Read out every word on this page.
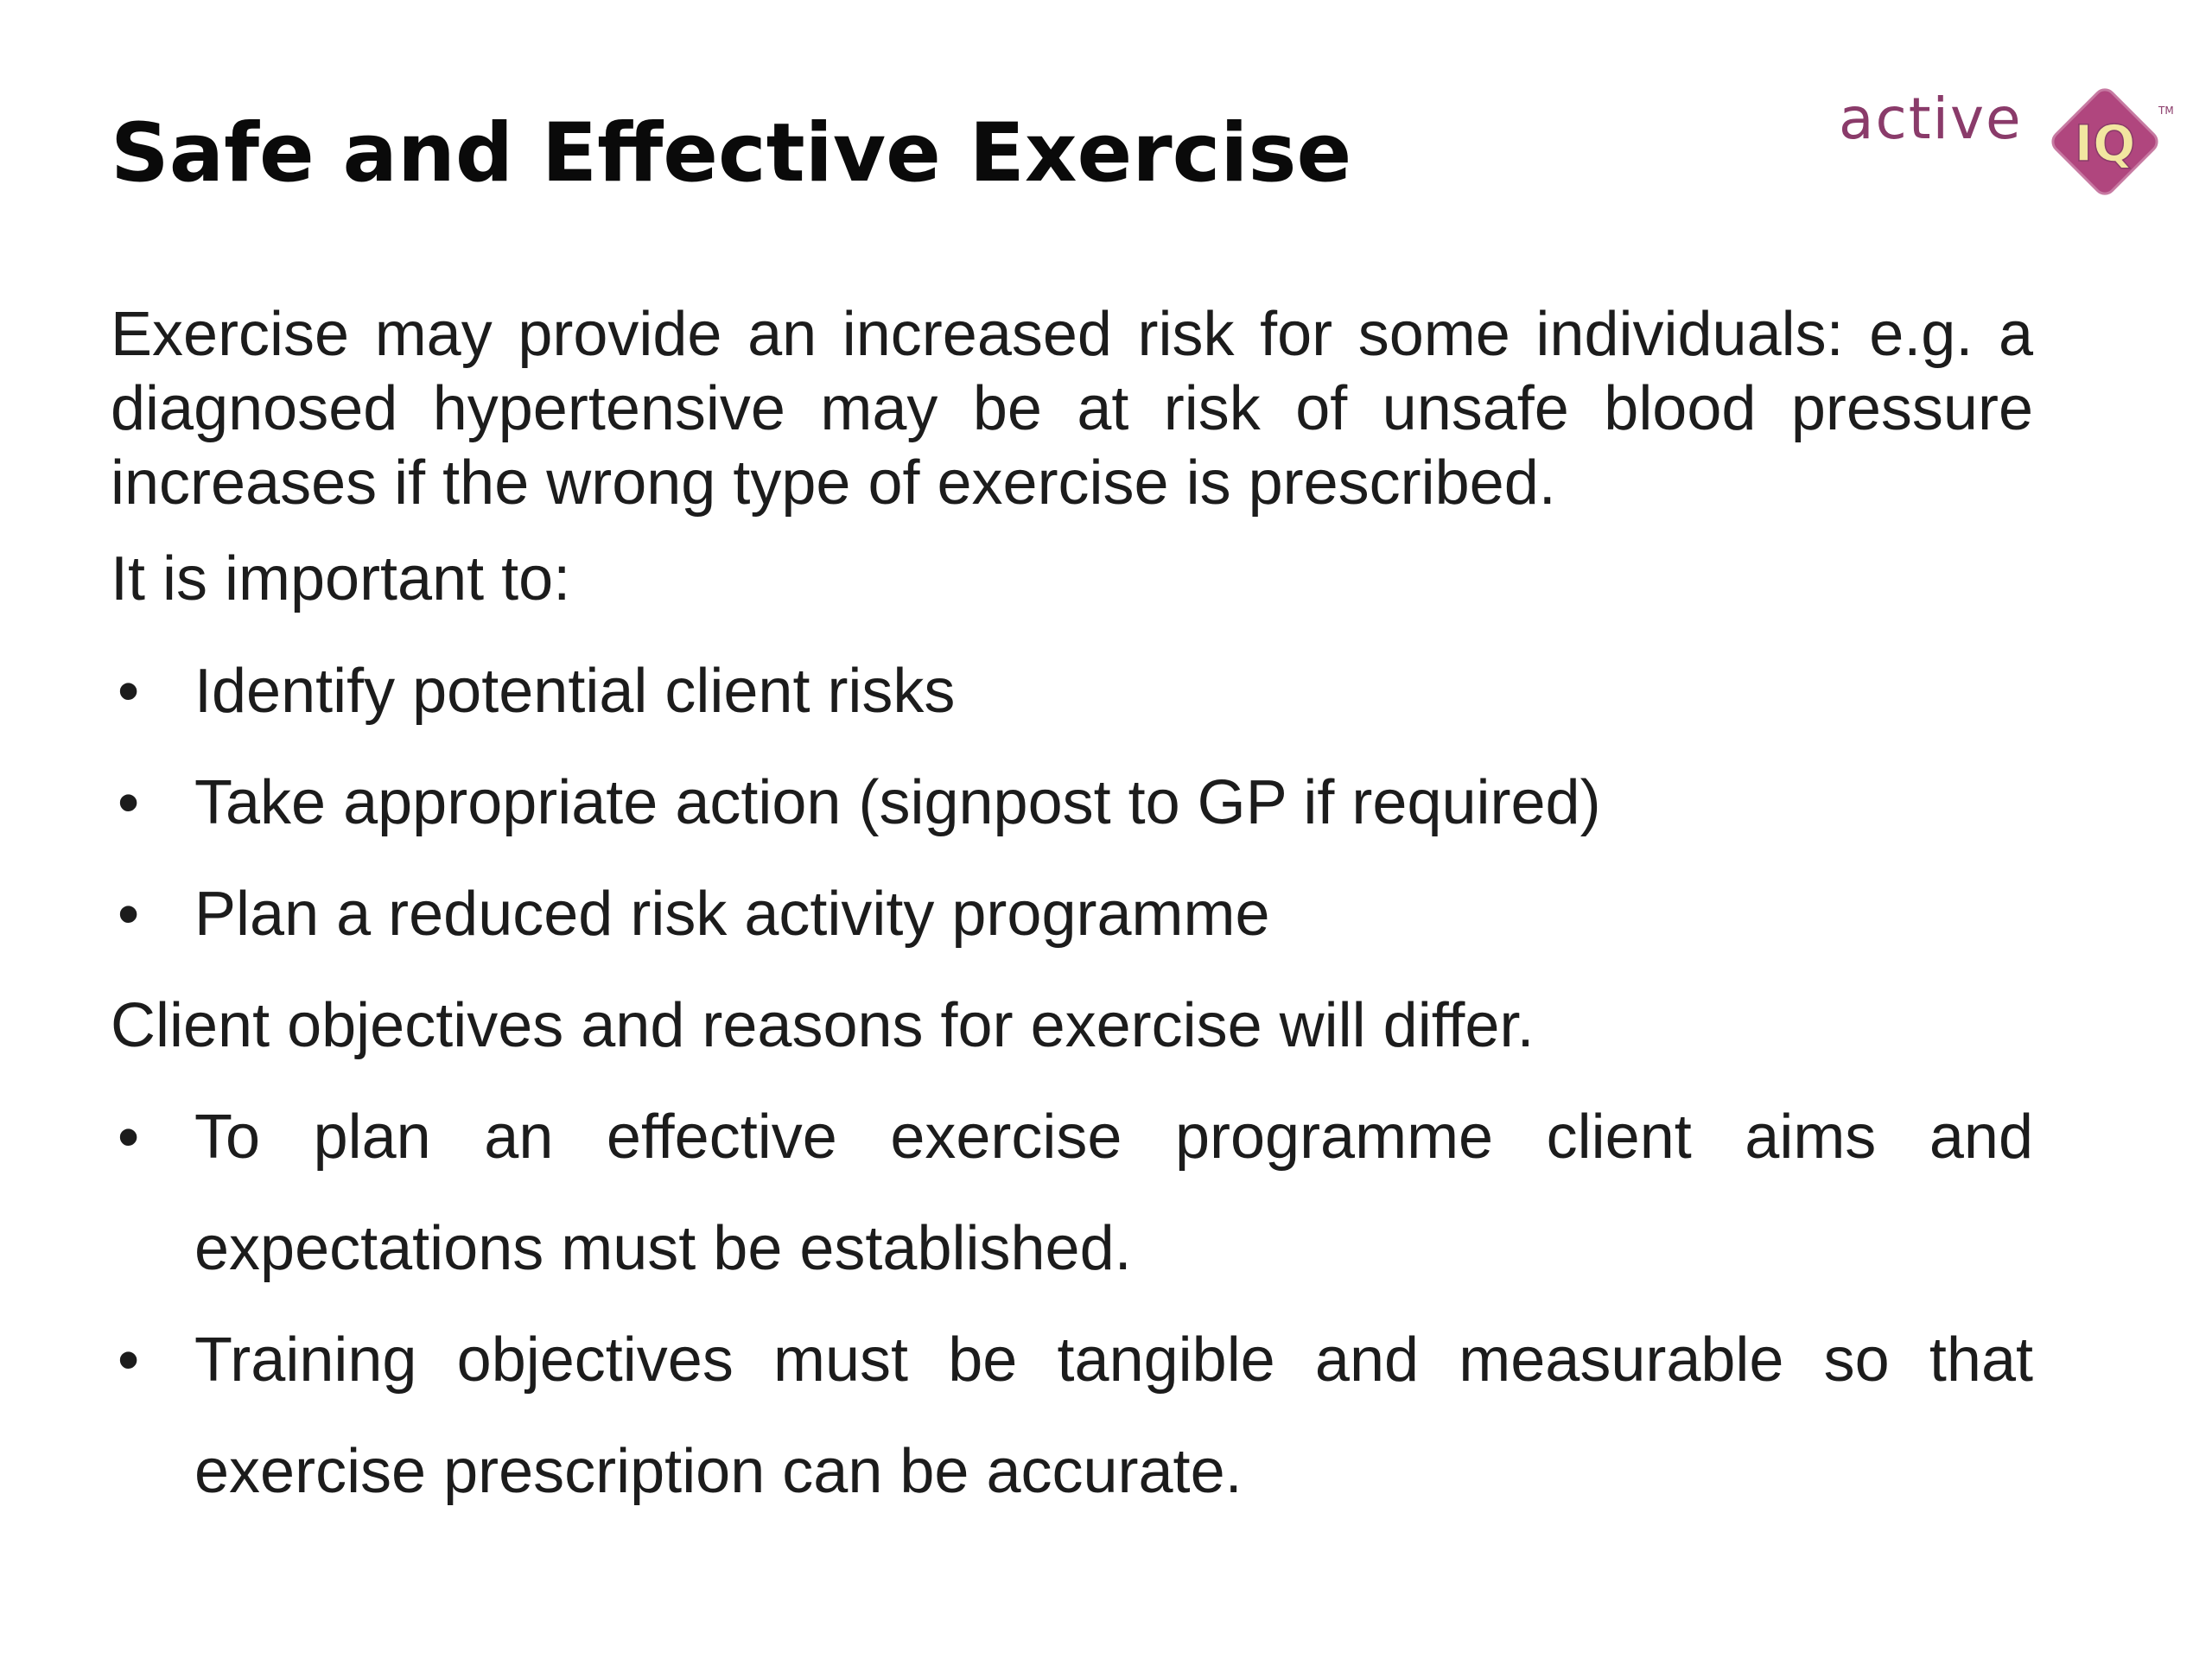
Safe and Effective Exercise	active IQ
TM

Exercise may provide an increased risk for some individuals: e.g. a diagnosed hypertensive may be at risk of unsafe blood pressure increases if the wrong type of exercise is prescribed.

It is important to:

• Identify potential client risks
• Take appropriate action (signpost to GP if required)
• Plan a reduced risk activity programme

Client objectives and reasons for exercise will differ.

• To plan an effective exercise programme client aims and expectations must be established.
• Training objectives must be tangible and measurable so that exercise prescription can be accurate.
